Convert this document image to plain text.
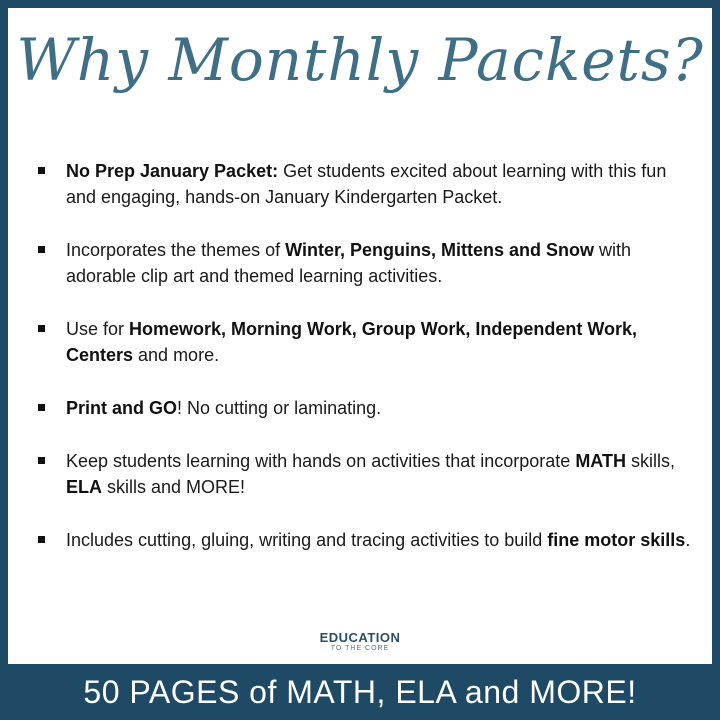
Why Monthly Packets?
No Prep January Packet: Get students excited about learning with this fun and engaging, hands-on January Kindergarten Packet.
Incorporates the themes of Winter, Penguins, Mittens and Snow with adorable clip art and themed learning activities.
Use for Homework, Morning Work, Group Work, Independent Work, Centers and more.
Print and GO! No cutting or laminating.
Keep students learning with hands on activities that incorporate MATH skills, ELA skills and MORE!
Includes cutting, gluing, writing and tracing activities to build fine motor skills.
EDUCATION
TO THE CORE
50 PAGES of MATH, ELA and MORE!
